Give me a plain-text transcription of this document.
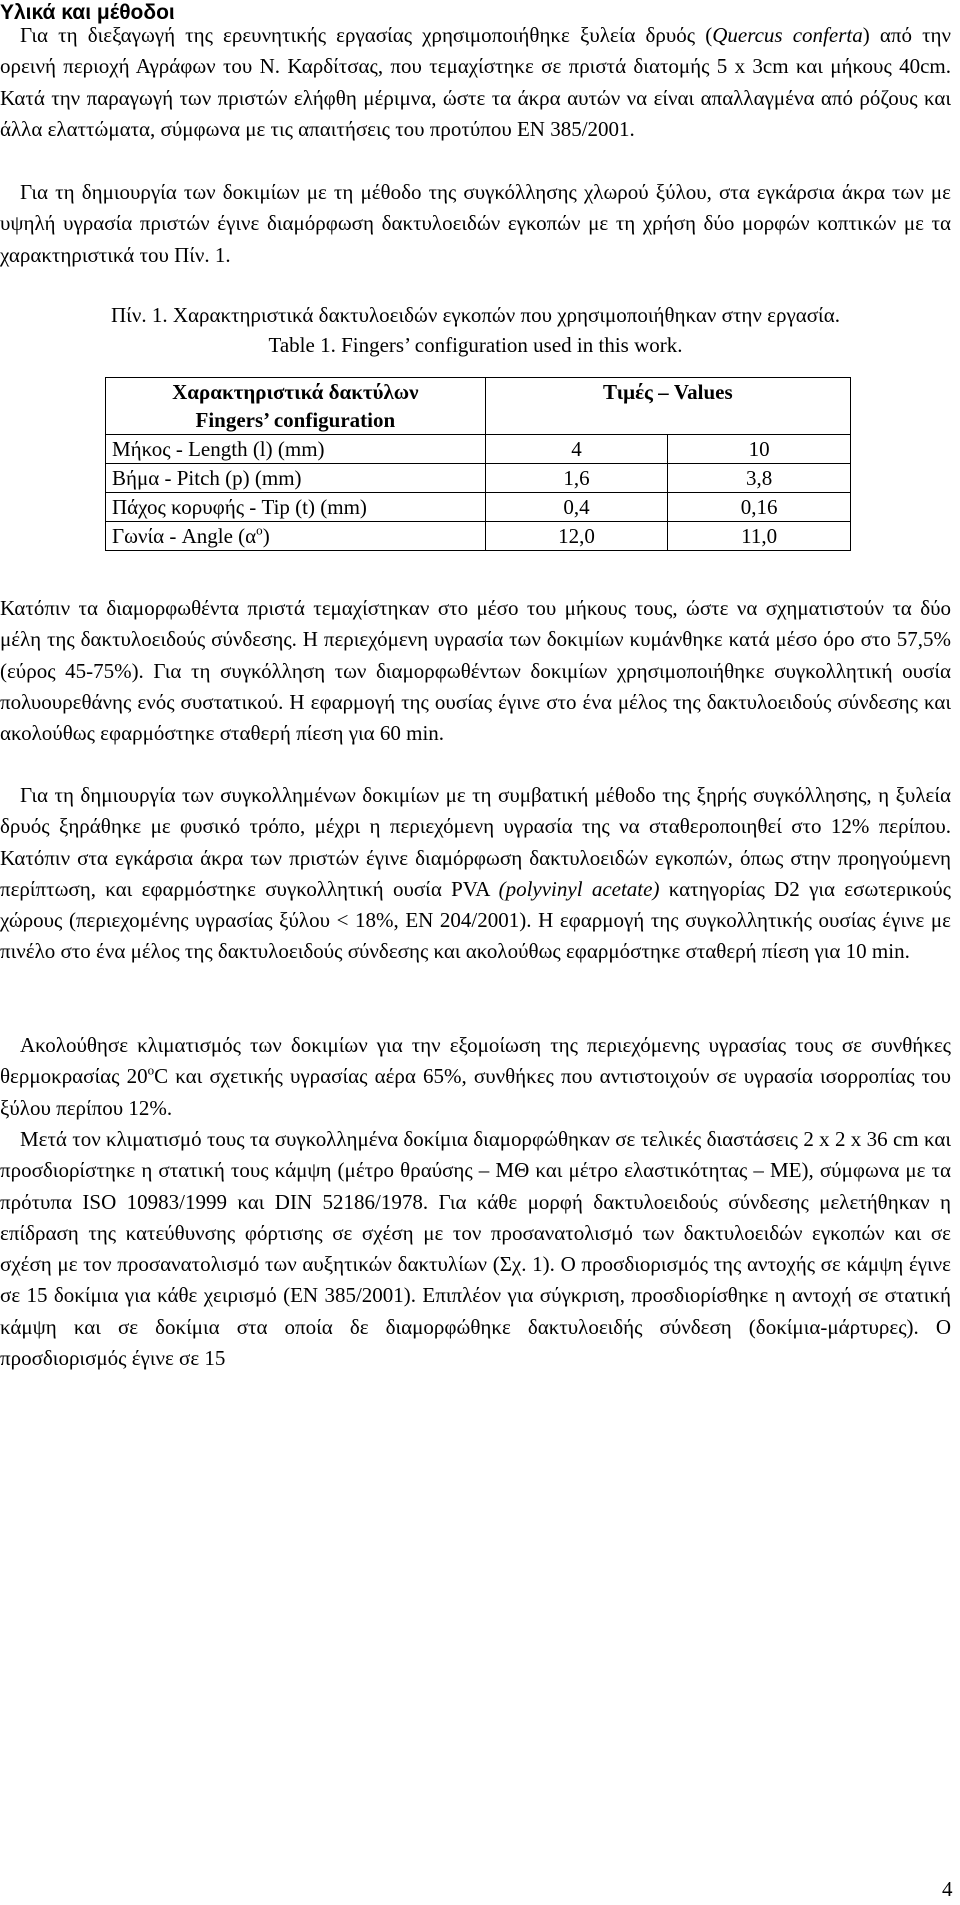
Υλικά και μέθοδοι

Για τη διεξαγωγή της ερευνητικής εργασίας χρησιμοποιήθηκε ξυλεία δρυός (Quercus conferta) από την ορεινή περιοχή Αγράφων του Ν. Καρδίτσας, που τεμαχίστηκε σε πριστά διατομής 5 x 3cm και μήκους 40cm. Κατά την παραγωγή των πριστών ελήφθη μέριμνα, ώστε τα άκρα αυτών να είναι απαλλαγμένα από ρόζους και άλλα ελαττώματα, σύμφωνα με τις απαιτήσεις του προτύπου ΕΝ 385/2001.

Για τη δημιουργία των δοκιμίων με τη μέθοδο της συγκόλλησης χλωρού ξύλου, στα εγκάρσια άκρα των με υψηλή υγρασία πριστών έγινε διαμόρφωση δακτυλοειδών εγκοπών με τη χρήση δύο μορφών κοπτικών με τα χαρακτηριστικά του Πίν. 1.

Πίν. 1. Χαρακτηριστικά δακτυλοειδών εγκοπών που χρησιμοποιήθηκαν στην εργασία.
Table 1. Fingers’ configuration used in this work.
Χαρακτηριστικά δακτύλων
Fingers’ configuration	Τιμές – Values	
Μήκος - Length (l) (mm)	4	10
Βήμα - Pitch (p) (mm)	1,6	3,8
Πάχος κορυφής - Tip (t) (mm)	0,4	0,16
Γωνία - Angle $(\alpha^o)$	12,0	11,0

Κατόπιν τα διαμορφωθέντα πριστά τεμαχίστηκαν στο μέσο του μήκους τους, ώστε να σχηματιστούν τα δύο μέλη της δακτυλοειδούς σύνδεσης. Η περιεχόμενη υγρασία των δοκιμίων κυμάνθηκε κατά μέσο όρο στο 57,5% (εύρος 45-75%). Για τη συγκόλληση των διαμορφωθέντων δοκιμίων χρησιμοποιήθηκε συγκολλητική ουσία πολυουρεθάνης ενός συστατικού. Η εφαρμογή της ουσίας έγινε στο ένα μέλος της δακτυλοειδούς σύνδεσης και ακολούθως εφαρμόστηκε σταθερή πίεση για 60 min.

Για τη δημιουργία των συγκολλημένων δοκιμίων με τη συμβατική μέθοδο της ξηρής συγκόλλησης, η ξυλεία δρυός ξηράθηκε με φυσικό τρόπο, μέχρι η περιεχόμενη υγρασία της να σταθεροποιηθεί στο 12% περίπου. Κατόπιν στα εγκάρσια άκρα των πριστών έγινε διαμόρφωση δακτυλοειδών εγκοπών, όπως στην προηγούμενη περίπτωση, και εφαρμόστηκε συγκολλητική ουσία PVA (polyvinyl acetate) κατηγορίας D2 για εσωτερικούς χώρους (περιεχομένης υγρασίας ξύλου < 18%, EN 204/2001). Η εφαρμογή της συγκολλητικής ουσίας έγινε με πινέλο στο ένα μέλος της δακτυλοειδούς σύνδεσης και ακολούθως εφαρμόστηκε σταθερή πίεση για 10 min.

Ακολούθησε κλιματισμός των δοκιμίων για την εξομοίωση της περιεχόμενης υγρασίας τους σε συνθήκες θερμοκρασίας 20$^o$C και σχετικής υγρασίας αέρα 65%, συνθήκες που αντιστοιχούν σε υγρασία ισορροπίας του ξύλου περίπου 12%.

Μετά τον κλιματισμό τους τα συγκολλημένα δοκίμια διαμορφώθηκαν σε τελικές διαστάσεις 2 x 2 x 36 cm και προσδιορίστηκε η στατική τους κάμψη (μέτρο θραύσης – ΜΘ και μέτρο ελαστικότητας – ΜΕ), σύμφωνα με τα πρότυπα ISO 10983/1999 και DIN 52186/1978. Για κάθε μορφή δακτυλοειδούς σύνδεσης μελετήθηκαν η επίδραση της κατεύθυνσης φόρτισης σε σχέση με τον προσανατολισμό των δακτυλοειδών εγκοπών και σε σχέση με τον προσανατολισμό των αυξητικών δακτυλίων (Σχ. 1). Ο προσδιορισμός της αντοχής σε κάμψη έγινε σε 15 δοκίμια για κάθε χειρισμό (EN 385/2001). Επιπλέον για σύγκριση, προσδιορίσθηκε η αντοχή σε στατική κάμψη και σε δοκίμια στα οποία δε διαμορφώθηκε δακτυλοειδής σύνδεση (δοκίμια-μάρτυρες). Ο προσδιορισμός έγινε σε 15

4
